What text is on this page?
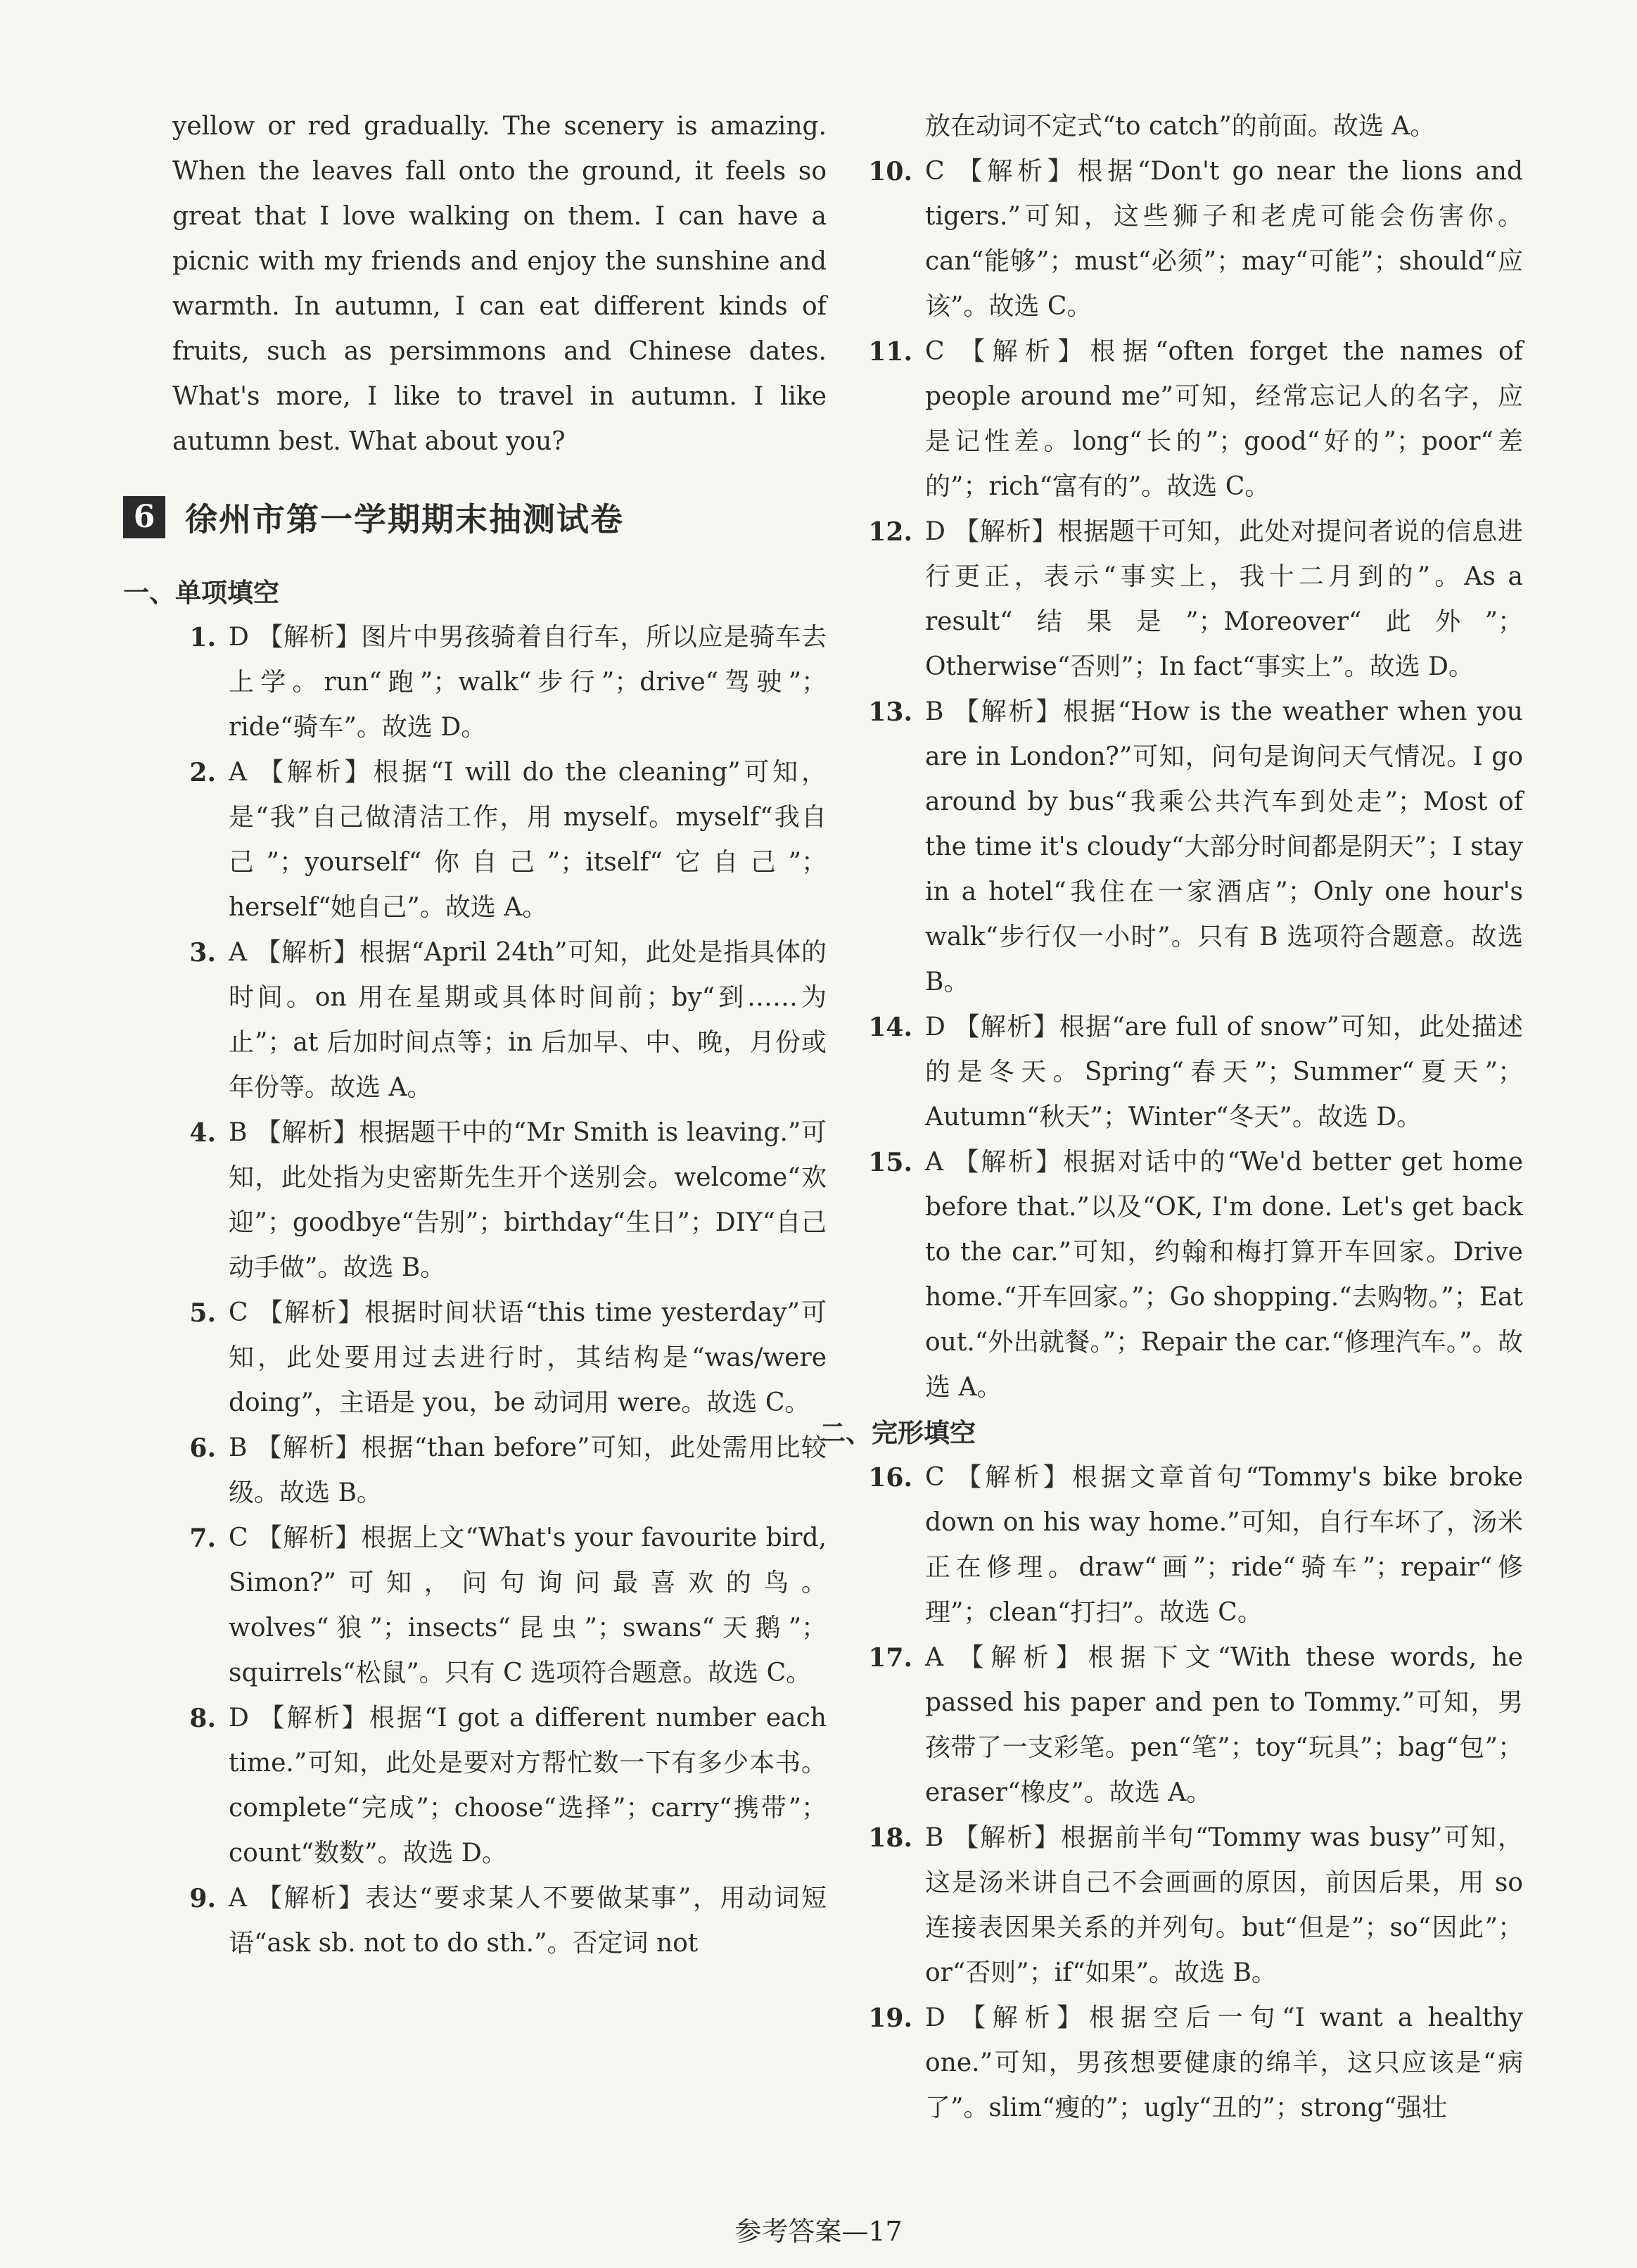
yellow or red gradually. The scenery is amazing. When the leaves fall onto the ground, it feels so great that I love walking on them. I can have a picnic with my friends and enjoy the sunshine and warmth. In autumn, I can eat different kinds of fruits, such as persimmons and Chinese dates. What's more, I like to travel in autumn. I like autumn best. What about you?

6 徐州市第一学期期末抽测试卷

一、单项填空

1. D 【解析】图片中男孩骑着自行车，所以应是骑车去上学。run“跑”；walk“步行”；drive“驾驶”；ride“骑车”。故选 D。

2. A 【解析】根据“I will do the cleaning”可知，是“我”自己做清洁工作，用 myself。myself“我自己”；yourself“你自己”；itself“它自己”；herself“她自己”。故选 A。

3. A 【解析】根据“April 24th”可知，此处是指具体的时间。on 用在星期或具体时间前；by“到……为止”；at 后加时间点等；in 后加早、中、晚，月份或年份等。故选 A。

4. B 【解析】根据题干中的“Mr Smith is leaving.”可知，此处指为史密斯先生开个送别会。welcome“欢迎”；goodbye“告别”；birthday“生日”；DIY“自己动手做”。故选 B。

5. C 【解析】根据时间状语“this time yesterday”可知，此处要用过去进行时，其结构是“was/were doing”，主语是 you，be 动词用 were。故选 C。

6. B 【解析】根据“than before”可知，此处需用比较级。故选 B。

7. C 【解析】根据上文“What's your favourite bird, Simon?”可知，问句询问最喜欢的鸟。wolves“狼”；insects“昆虫”；swans“天鹅”；squirrels“松鼠”。只有 C 选项符合题意。故选 C。

8. D 【解析】根据“I got a different number each time.”可知，此处是要对方帮忙数一下有多少本书。complete“完成”；choose“选择”；carry“携带”；count“数数”。故选 D。

9. A 【解析】表达“要求某人不要做某事”，用动词短语“ask sb. not to do sth.”。否定词 not

放在动词不定式“to catch”的前面。故选 A。

10. C 【解析】根据“Don't go near the lions and tigers.”可知，这些狮子和老虎可能会伤害你。can“能够”；must“必须”；may“可能”；should“应该”。故选 C。

11. C 【解析】根据“often forget the names of people around me”可知，经常忘记人的名字，应是记性差。long“长的”；good“好的”；poor“差的”；rich“富有的”。故选 C。

12. D 【解析】根据题干可知，此处对提问者说的信息进行更正，表示“事实上，我十二月到的”。As a result“结果是”；Moreover“此外”；Otherwise“否则”；In fact“事实上”。故选 D。

13. B 【解析】根据“How is the weather when you are in London?”可知，问句是询问天气情况。I go around by bus“我乘公共汽车到处走”；Most of the time it's cloudy“大部分时间都是阴天”；I stay in a hotel“我住在一家酒店”；Only one hour's walk“步行仅一小时”。只有 B 选项符合题意。故选 B。

14. D 【解析】根据“are full of snow”可知，此处描述的是冬天。Spring“春天”；Summer“夏天”；Autumn“秋天”；Winter“冬天”。故选 D。

15. A 【解析】根据对话中的“We'd better get home before that.”以及“OK, I'm done. Let's get back to the car.”可知，约翰和梅打算开车回家。Drive home.“开车回家。”；Go shopping.“去购物。”；Eat out.“外出就餐。”；Repair the car.“修理汽车。”。故选 A。

二、完形填空

16. C 【解析】根据文章首句“Tommy's bike broke down on his way home.”可知，自行车坏了，汤米正在修理。draw“画”；ride“骑车”；repair“修理”；clean“打扫”。故选 C。

17. A 【解析】根据下文“With these words, he passed his paper and pen to Tommy.”可知，男孩带了一支彩笔。pen“笔”；toy“玩具”；bag“包”；eraser“橡皮”。故选 A。

18. B 【解析】根据前半句“Tommy was busy”可知，这是汤米讲自己不会画画的原因，前因后果，用 so 连接表因果关系的并列句。but“但是”；so“因此”；or“否则”；if“如果”。故选 B。

19. D 【解析】根据空后一句“I want a healthy one.”可知，男孩想要健康的绵羊，这只应该是“病了”。slim“瘦的”；ugly“丑的”；strong“强壮

参考答案—17
